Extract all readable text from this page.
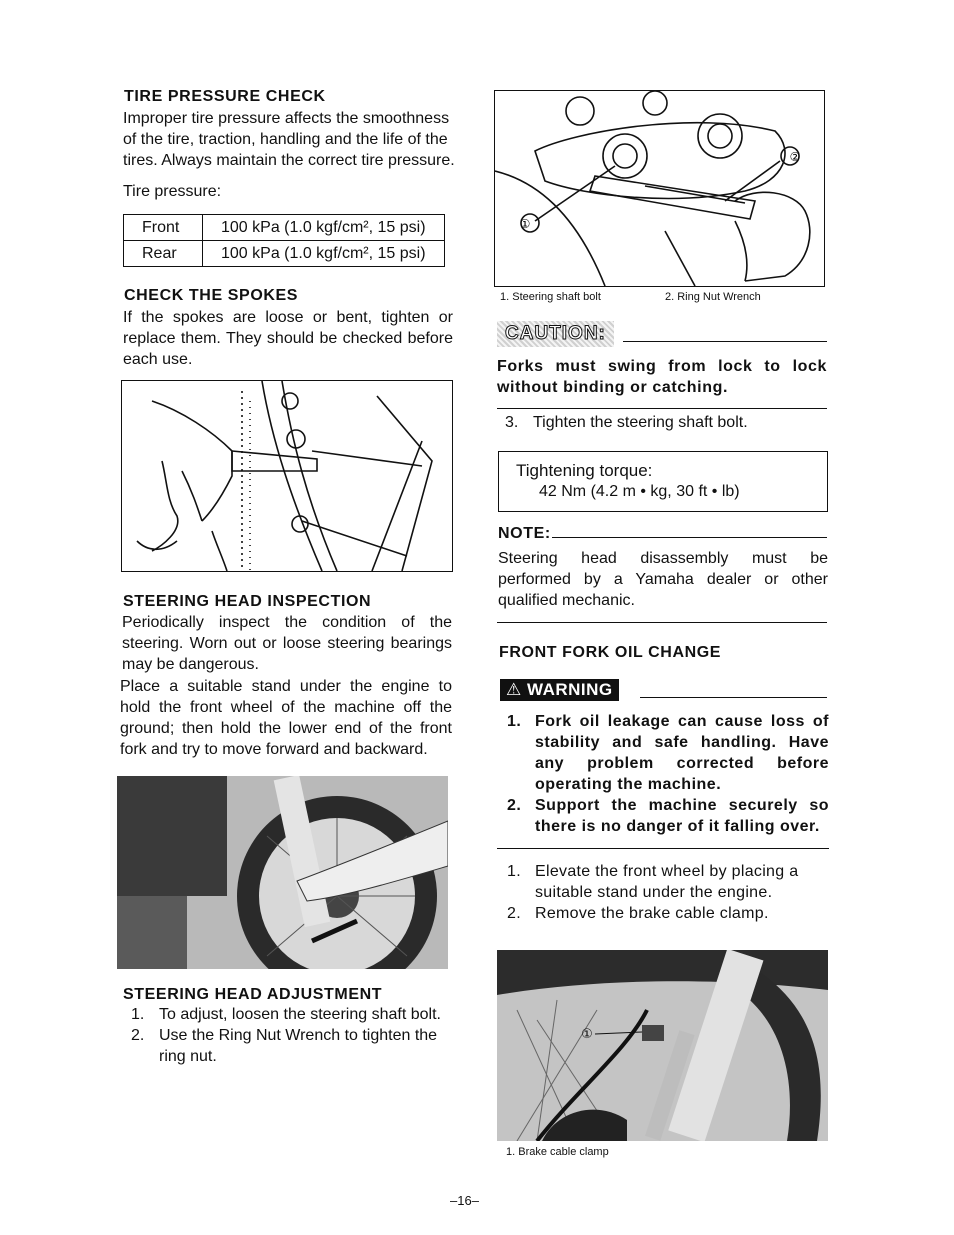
TIRE PRESSURE CHECK
Improper tire pressure affects the smoothness of the tire, traction, handling and the life of the tires. Always maintain the correct tire pressure.
Tire pressure:
Front	100 kPa (1.0 kgf/cm², 15 psi)
Rear	100 kPa (1.0 kgf/cm², 15 psi)
CHECK THE SPOKES
If the spokes are loose or bent, tighten or replace them. They should be checked before each use.
STEERING HEAD INSPECTION
Periodically inspect the condition of the steering. Worn out or loose steering bearings may be dangerous.
Place a suitable stand under the engine to hold the front wheel of the machine off the ground; then hold the lower end of the front fork and try to move forward and backward.
STEERING HEAD ADJUSTMENT
1. To adjust, loosen the steering shaft bolt.
2. Use the Ring Nut Wrench to tighten the ring nut.
①
②
1. Steering shaft bolt	2. Ring Nut Wrench
CAUTION:
Forks must swing from lock to lock without binding or catching.
3. Tighten the steering shaft bolt.
Tightening torque:
42 Nm (4.2 m • kg, 30 ft • lb)
NOTE:
Steering head disassembly must be performed by a Yamaha dealer or other qualified mechanic.
FRONT FORK OIL CHANGE
⚠ WARNING
1. Fork oil leakage can cause loss of stability and safe handling. Have any problem corrected before operating the machine.
2. Support the machine securely so there is no danger of it falling over.
1. Elevate the front wheel by placing a suitable stand under the engine.
2. Remove the brake cable clamp.
①
1. Brake cable clamp
–16–
